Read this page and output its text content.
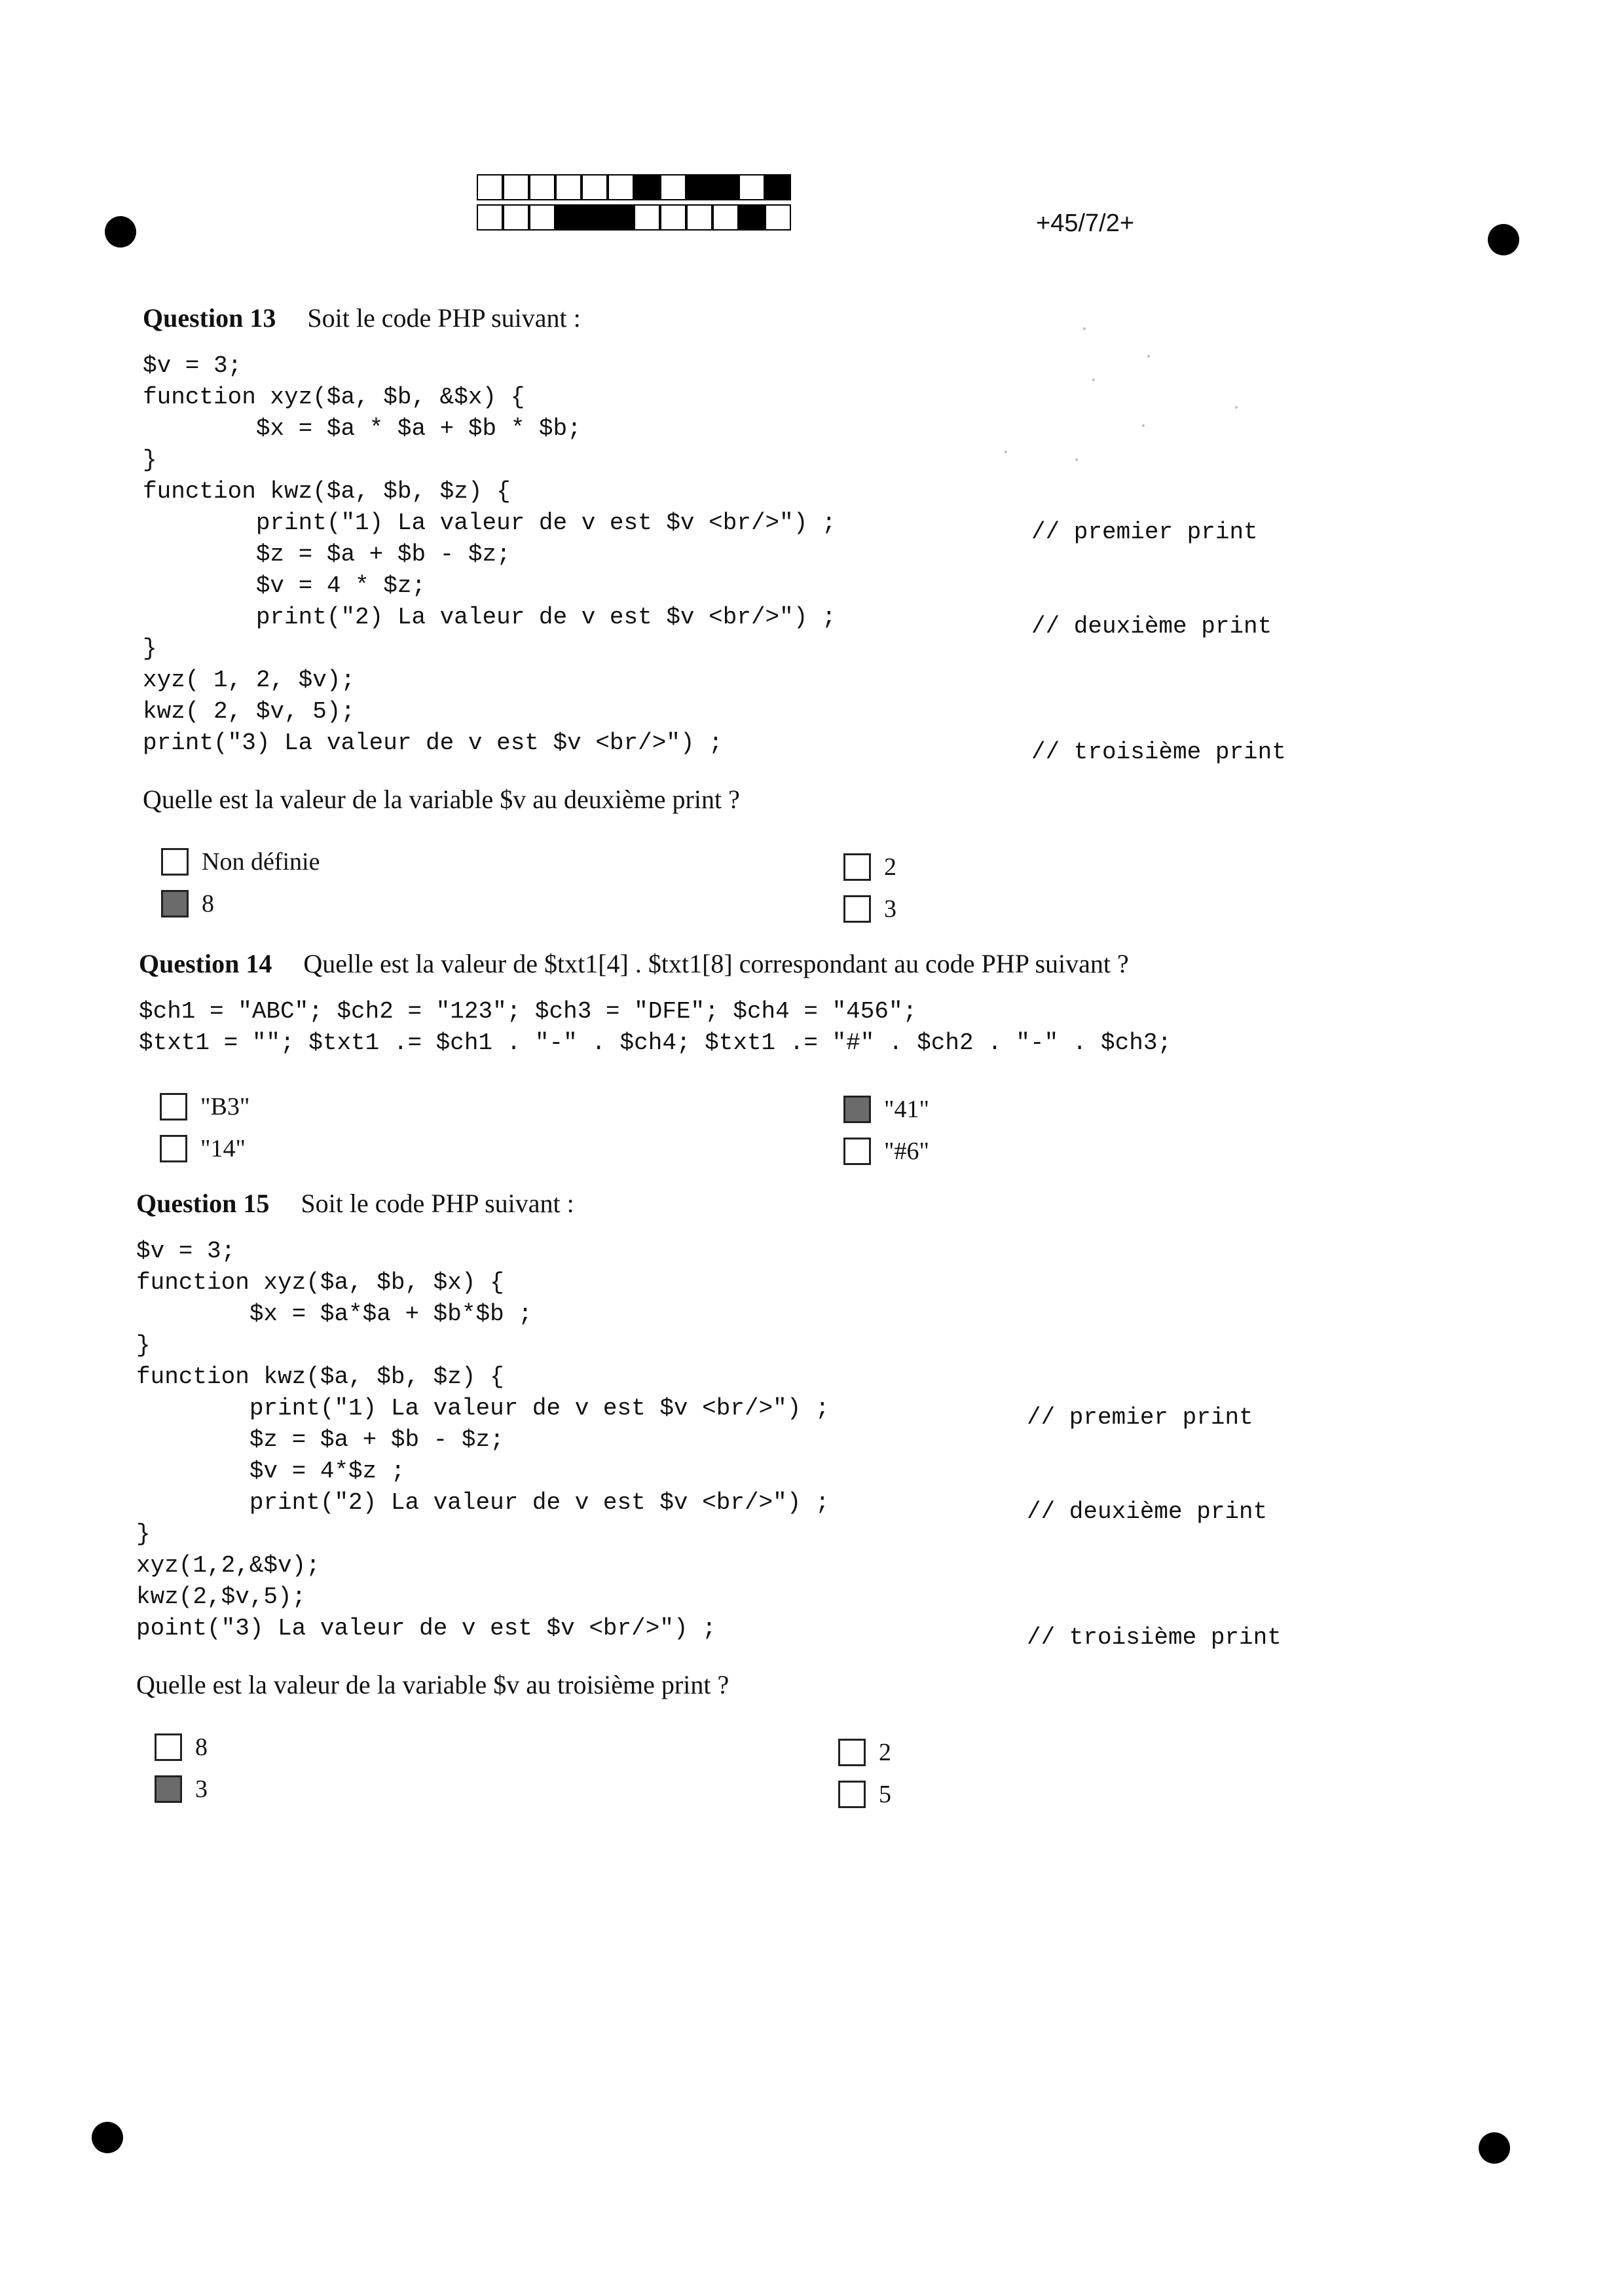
+45/7/2+
Question 13 Soit le code PHP suivant :
$v = 3;
function xyz($a, $b, &$x) {
$x = $a * $a + $b * $b;
}
function kwz($a, $b, $z) {
print("1) La valeur de v est $v <br/>") ;
$z = $a + $b - $z;
$v = 4 * $z;
print("2) La valeur de v est $v <br/>") ;
}
xyz( 1, 2, $v);
kwz( 2, $v, 5);
print("3) La valeur de v est $v <br/>") ;
Quelle est la valeur de la variable $v au deuxième print ?
// premier print
// deuxième print
// troisième print
Non définie
8
2
3
Question 14 Quelle est la valeur de $txt1[4] . $txt1[8] correspondant au code PHP suivant ?
$ch1 = "ABC"; $ch2 = "123"; $ch3 = "DFE"; $ch4 = "456";
$txt1 = ""; $txt1 .= $ch1 . "-" . $ch4; $txt1 .= "#" . $ch2 . "-" . $ch3;
"B3"
"14"
"41"
"#6"
Question 15 Soit le code PHP suivant :
$v = 3;
function xyz($a, $b, $x) {
$x = $a*$a + $b*$b ;
}
function kwz($a, $b, $z) {
print("1) La valeur de v est $v <br/>") ;
$z = $a + $b - $z;
$v = 4*$z ;
print("2) La valeur de v est $v <br/>") ;
}
xyz(1,2,&$v);
kwz(2,$v,5);
point("3) La valeur de v est $v <br/>") ;
Quelle est la valeur de la variable $v au troisième print ?
// premier print
// deuxième print
// troisième print
8
3
2
5
